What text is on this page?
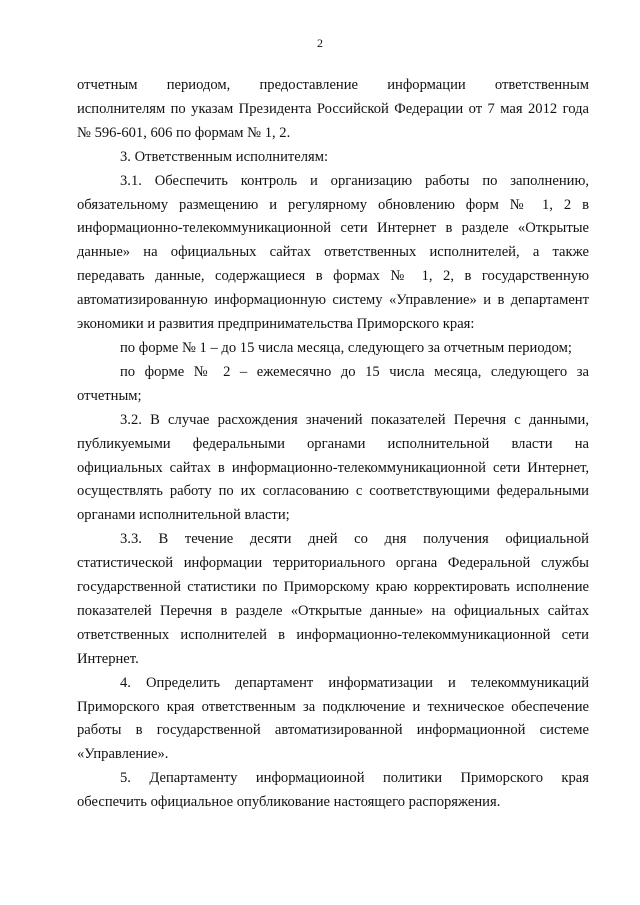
2
отчетным периодом, предоставление информации ответственным
исполнителям по указам Президента Российской Федерации от 7 мая 2012 года
№ 596-601, 606 по формам № 1, 2.
3. Ответственным исполнителям:
3.1. Обеспечить контроль и организацию работы по заполнению,
обязательному размещению и регулярному обновлению форм № 1, 2 в
информационно-телекоммуникационной сети Интернет в разделе «Открытые
данные» на официальных сайтах ответственных исполнителей, а также
передавать данные, содержащиеся в формах № 1, 2, в государственную
автоматизированную информационную систему «Управление» и в департамент
экономики и развития предпринимательства Приморского края:
по форме № 1 – до 15 числа месяца, следующего за отчетным периодом;
по форме № 2 – ежемесячно до 15 числа месяца, следующего за
отчетным;
3.2. В случае расхождения значений показателей Перечня с данными,
публикуемыми федеральными органами исполнительной власти на
официальных сайтах в информационно-телекоммуникационной сети Интернет,
осуществлять работу по их согласованию с соответствующими федеральными
органами исполнительной власти;
3.3. В течение десяти дней со дня получения официальной
статистической информации территориального органа Федеральной службы
государственной статистики по Приморскому краю корректировать исполнение
показателей Перечня в разделе «Открытые данные» на официальных сайтах
ответственных исполнителей в информационно-телекоммуникационной сети
Интернет.
4. Определить департамент информатизации и телекоммуникаций
Приморского края ответственным за подключение и техническое обеспечение
работы в государственной автоматизированной информационной системе
«Управление».
5. Департаменту информациоиной политики Приморского края
обеспечить официальное опубликование настоящего распоряжения.
